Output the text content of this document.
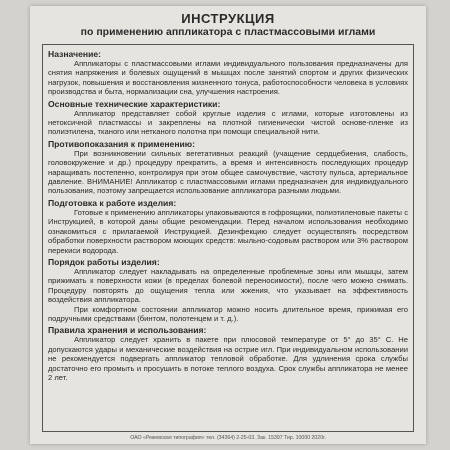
ИНСТРУКЦИЯ
по применению аппликатора с пластмассовыми иглами
Назначение:

Аппликаторы с пластмассовыми иглами индивидуального пользования предназначены для снятия напряжения и болевых ощущений в мышцах после занятий спортом и других физических нагрузок, повышения и восстановления жизненного тонуса, работоспособности человека в условиях производства и быта, нормализации сна, улучшения настроения.

Основные технические характеристики:

Аппликатор представляет собой круглые изделия с иглами, которые изготовлены из нетоксичной пластмассы и закреплены на плотной гигиенически чистой основе-пленке из полиэтилена, тканого или нетканого полотна при помощи специальной нити.

Противопоказания к применению:

При возникновении сильных вегетативных реакций (учащение сердцебиения, слабость, головокружение и др.) процедуру прекратить, а время и интенсивность последующих процедур наращивать постепенно, контролируя при этом общее самочувствие, частоту пульса, артериальное давление. ВНИМАНИЕ! Аппликатор с пластмассовыми иглами предназначен для индивидуального пользования, поэтому запрещается использование аппликатора разными людьми.

Подготовка к работе изделия:

Готовые к применению аппликаторы упаковываются в гофроящики, полиэтиленовые пакеты с Инструкцией, в которой даны общие рекомендации. Перед началом использования необходимо ознакомиться с прилагаемой Инструкцией. Дезинфекцию следует осуществлять посредством обработки поверхности раствором моющих средств: мыльно-содовым раствором или 3% раствором перекиси водорода.

Порядок работы изделия:

Аппликатор следует накладывать на определенные проблемные зоны или мышцы, затем прижимать к поверхности кожи (в пределах болевой переносимости), после чего можно снимать. Процедуру повторять до ощущения тепла или жжения, что указывает на эффективность воздействия аппликатора.

При комфортном состоянии аппликатор можно носить длительное время, прижимая его подручными средствами (бинтом, полотенцем и т. д.).

Правила хранения и использования:

Аппликатор следует хранить в пакете при плюсовой температуре от 5° до 35° С. Не допускаются удары и механические воздействия на острие игл. При индивидуальном использовании не рекомендуется подвергать аппликатор тепловой обработке. Для удлинения срока службы достаточно его промыть и просушить в потоке теплого воздуха. Срок службы аппликатора не менее 2 лет.

ОАО «Режевская типография» тел. (34364) 2-25-03. Зак. 15397 Тир. 10000 2020г.
